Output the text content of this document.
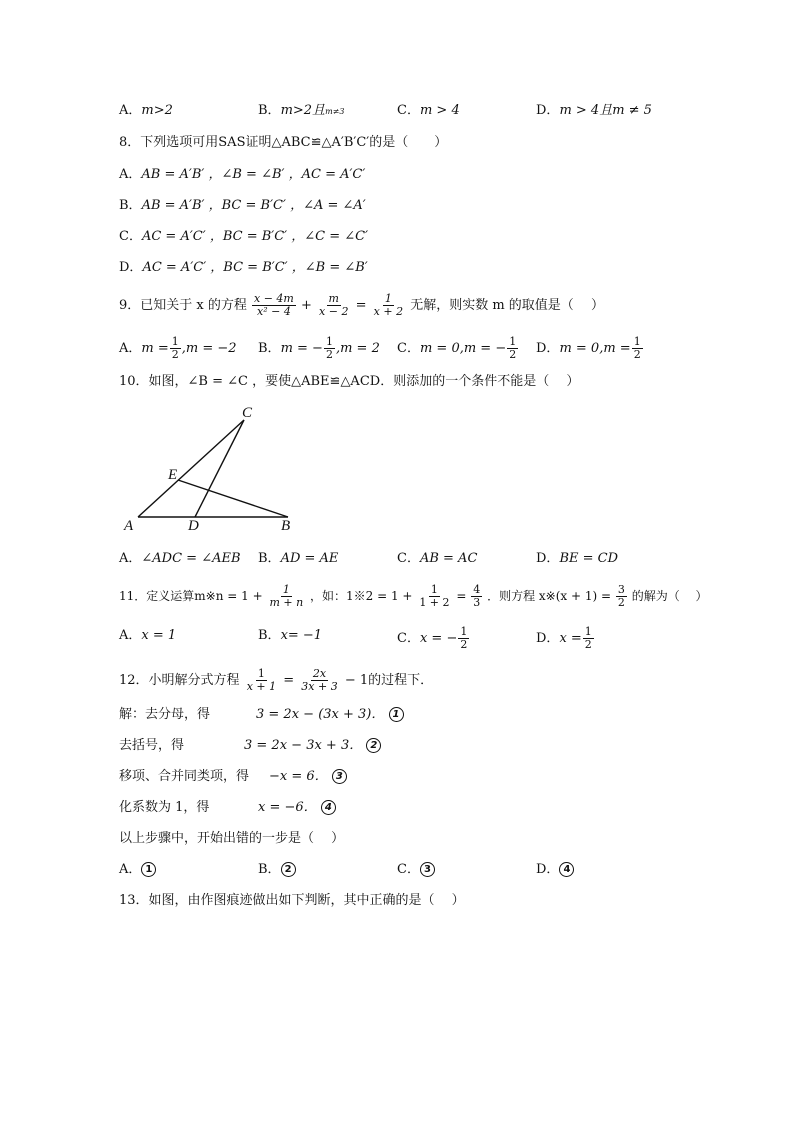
A．m>2	B．m>2且m≠3	C．m > 4	D．m > 4且m ≠ 5
8．下列选项可用SAS证明△ABC≌△A′B′C′的是（　　）
A．AB = A′B′ ，∠B = ∠B′ ，AC = A′C′
B．AB = A′B′ ，BC = B′C′ ，∠A = ∠A′
C．AC = A′C′ ，BC = B′C′ ，∠C = ∠C′
D．AC = A′C′ ，BC = B′C′ ，∠B = ∠B′
9．已知关于 x 的方程 $\frac{x - 4m}{\text{x² − 4}} + \frac{m}{x - 2} = \frac{1}{x + 2}$ 无解，则实数 m 的取值是（　 ）
A．$m = \frac{1}{2} ,m = -2$ B．m = − $\frac{1}{2} ,m = 2$ C．m = 0,m = − $\frac{1}{2}$ D．$m = 0,m = \frac{1}{2}$
10．如图，∠B = ∠C ，要使△ABE≌△ACD．则添加的一个条件不能是（　 ）
C
E
A	D	B
A．∠ADC = ∠AEB B．AD = AE	C．AB = AC	D．BE = CD
11．定义运算m※n = $1 + \frac{1}{m + n}$ ，如：1※2 = $1 + \frac{1}{1 + 2} = \frac{4}{3}$ ．则方程 x※(x + $1) = \frac{3}{2}$ 的解为（　 ）
A．x = 1	B．x= −1	C．x = − $\frac{1}{2}$	D．$x = \frac{1}{2}$
12．小明解分式方程 $\frac{1}{x + 1} = \frac{2x}{3x + 3} - 1$的过程下．
解：去分母，得	3 = 2x − (3x + 3)． 1
去括号，得	3 = 2x − 3x + 3． 2
移项、合并同类项，得 −x = 6． 3
化系数为 1，得	x = −6． 4
以上步骤中，开始出错的一步是（　 ）
A． 1	B． 2	C． 3	D． 4
13．如图，由作图痕迹做出如下判断，其中正确的是（　 ）
